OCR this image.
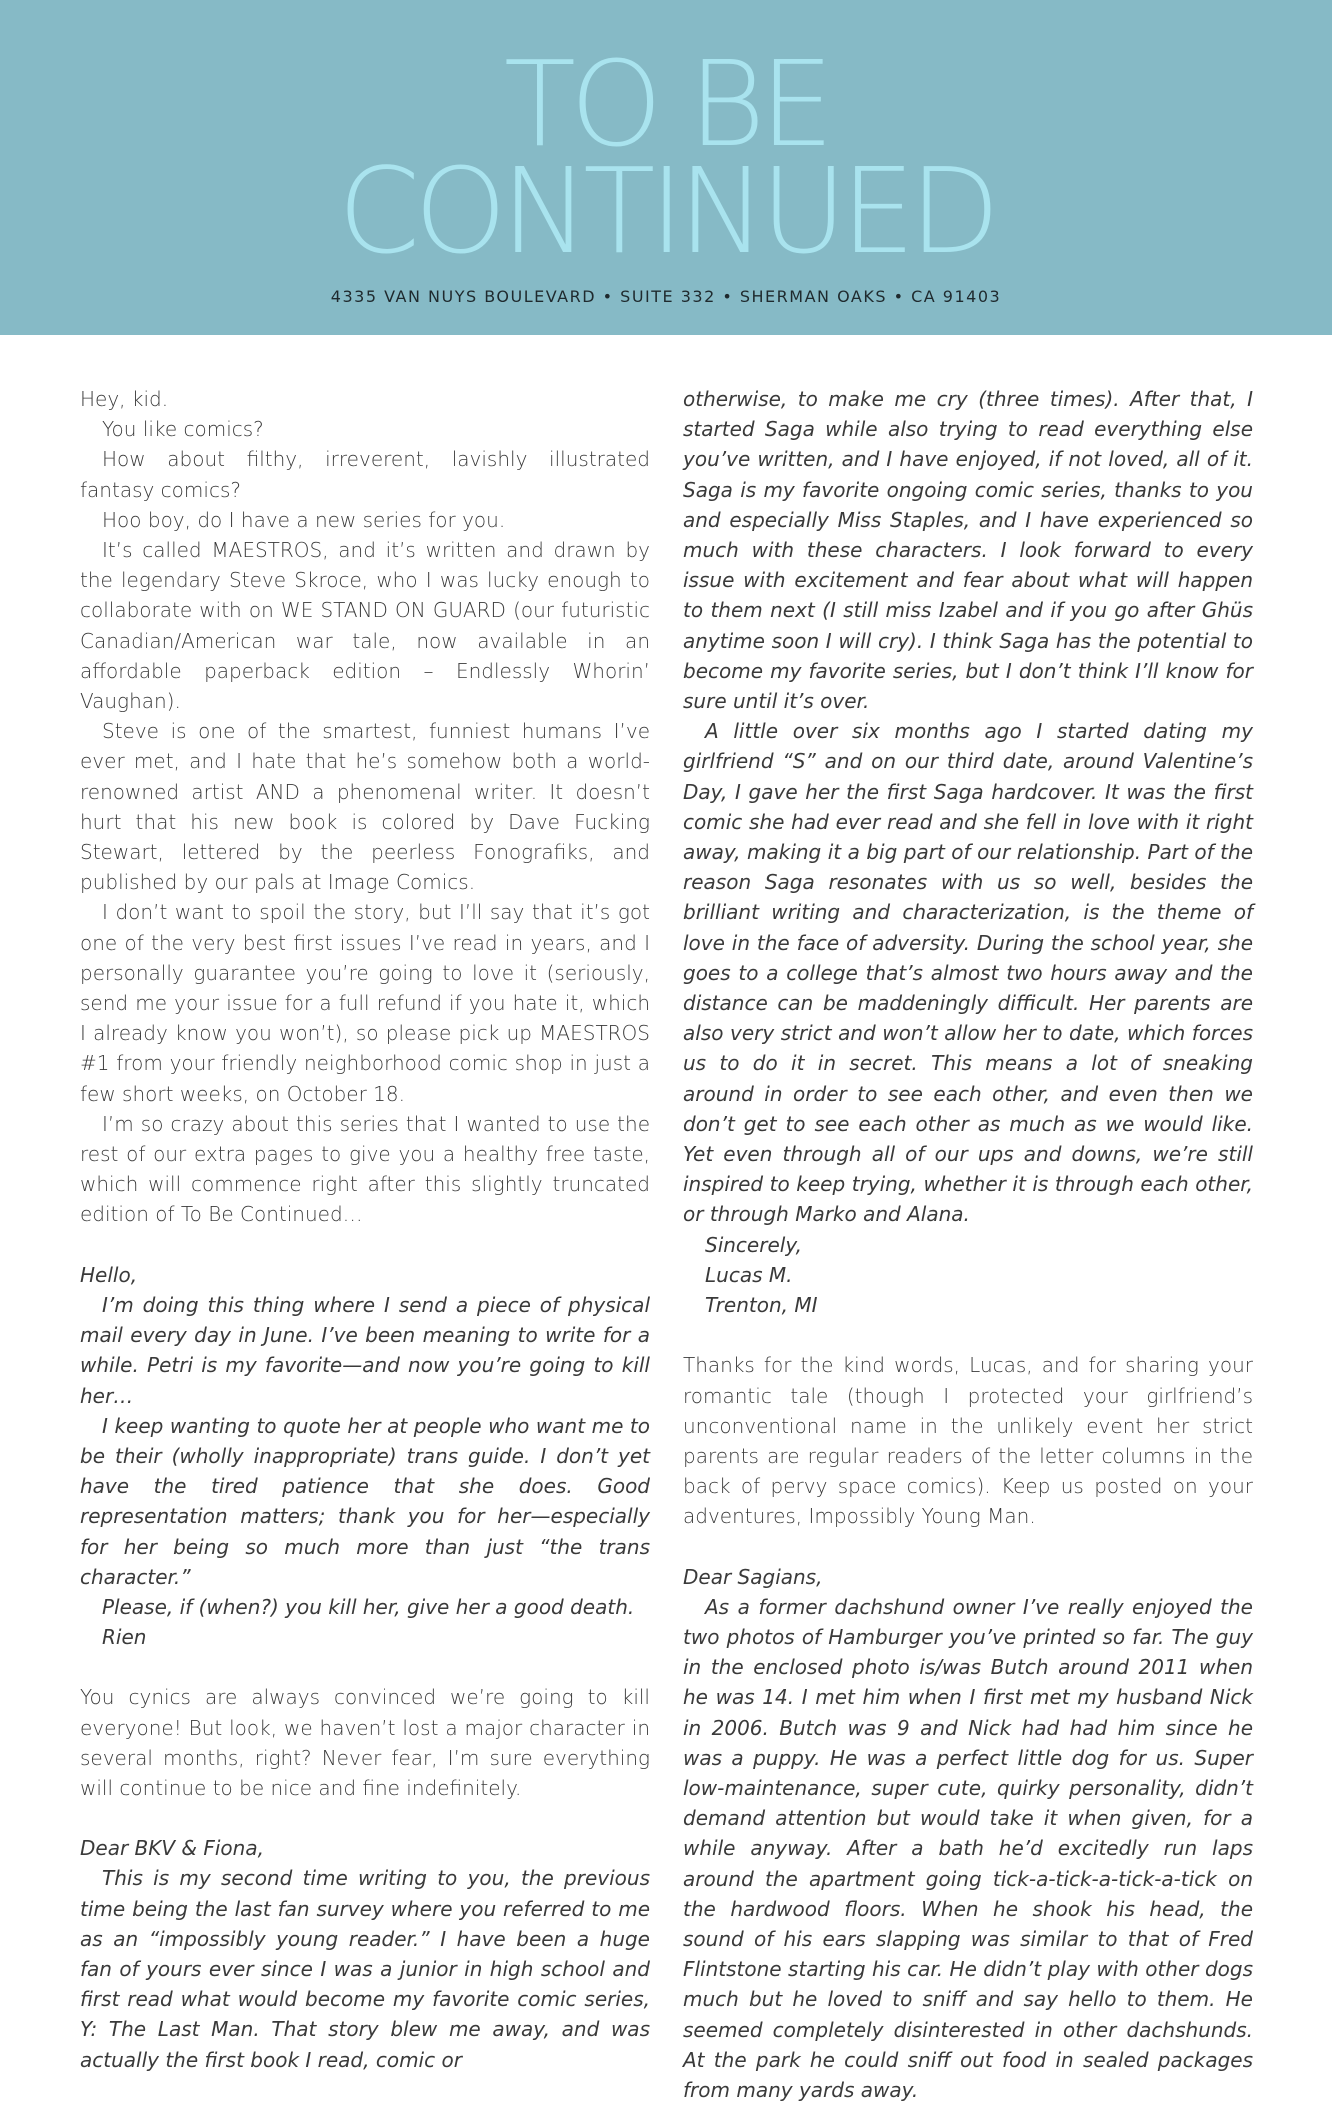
TO BE
CONTINUED
4335 VAN NUYS BOULEVARD • SUITE 332 • SHERMAN OAKS • CA 91403

Hey, kid.

You like comics?

How about filthy, irreverent, lavishly illustrated fantasy comics?

Hoo boy, do I have a new series for you.

It’s called MAESTROS, and it’s written and drawn by the legendary Steve Skroce, who I was lucky enough to collaborate with on WE STAND ON GUARD (our futuristic Canadian/American war tale, now available in an affordable paperback edition – Endlessly Whorin’ Vaughan).

Steve is one of the smartest, funniest humans I’ve ever met, and I hate that he’s somehow both a world-renowned artist AND a phenomenal writer. It doesn’t hurt that his new book is colored by Dave Fucking Stewart, lettered by the peerless Fonografiks, and published by our pals at Image Comics.

I don’t want to spoil the story, but I’ll say that it’s got one of the very best first issues I’ve read in years, and I personally guarantee you’re going to love it (seriously, send me your issue for a full refund if you hate it, which I already know you won’t), so please pick up MAESTROS #1 from your friendly neighborhood comic shop in just a few short weeks, on October 18.

I’m so crazy about this series that I wanted to use the rest of our extra pages to give you a healthy free taste, which will commence right after this slightly truncated edition of To Be Continued…

Hello,

I’m doing this thing where I send a piece of physical mail every day in June. I’ve been meaning to write for a while. Petri is my favorite—and now you’re going to kill her…

I keep wanting to quote her at people who want me to be their (wholly inappropriate) trans guide. I don’t yet have the tired patience that she does. Good representation matters; thank you for her—especially for her being so much more than just “the trans character.”

Please, if (when?) you kill her, give her a good death.

Rien

You cynics are always convinced we’re going to kill everyone! But look, we haven’t lost a major character in several months, right? Never fear, I’m sure everything will continue to be nice and fine indefinitely.

Dear BKV & Fiona,

This is my second time writing to you, the previous time being the last fan survey where you referred to me as an “impossibly young reader.” I have been a huge fan of yours ever since I was a junior in high school and first read what would become my favorite comic series, Y: The Last Man. That story blew me away, and was actually the first book I read, comic or

otherwise, to make me cry (three times). After that, I started Saga while also trying to read everything else you’ve written, and I have enjoyed, if not loved, all of it. Saga is my favorite ongoing comic series, thanks to you and especially Miss Staples, and I have experienced so much with these characters. I look forward to every issue with excitement and fear about what will happen to them next (I still miss Izabel and if you go after Ghüs anytime soon I will cry). I think Saga has the potential to become my favorite series, but I don’t think I’ll know for sure until it’s over.

A little over six months ago I started dating my girlfriend “S” and on our third date, around Valentine’s Day, I gave her the first Saga hardcover. It was the first comic she had ever read and she fell in love with it right away, making it a big part of our relationship. Part of the reason Saga resonates with us so well, besides the brilliant writing and characterization, is the theme of love in the face of adversity. During the school year, she goes to a college that’s almost two hours away and the distance can be maddeningly difficult. Her parents are also very strict and won’t allow her to date, which forces us to do it in secret. This means a lot of sneaking around in order to see each other, and even then we don’t get to see each other as much as we would like. Yet even through all of our ups and downs, we’re still inspired to keep trying, whether it is through each other, or through Marko and Alana.

Sincerely,

Lucas M.

Trenton, MI

Thanks for the kind words, Lucas, and for sharing your romantic tale (though I protected your girlfriend’s unconventional name in the unlikely event her strict parents are regular readers of the letter columns in the back of pervy space comics). Keep us posted on your adventures, Impossibly Young Man.

Dear Sagians,

As a former dachshund owner I’ve really enjoyed the two photos of Hamburger you’ve printed so far. The guy in the enclosed photo is/was Butch around 2011 when he was 14. I met him when I first met my husband Nick in 2006. Butch was 9 and Nick had had him since he was a puppy. He was a perfect little dog for us. Super low-maintenance, super cute, quirky personality, didn’t demand attention but would take it when given, for a while anyway. After a bath he’d excitedly run laps around the apartment going tick-a-tick-a-tick-a-tick on the hardwood floors. When he shook his head, the sound of his ears slapping was similar to that of Fred Flintstone starting his car. He didn’t play with other dogs much but he loved to sniff and say hello to them. He seemed completely disinterested in other dachshunds. At the park he could sniff out food in sealed packages from many yards away.
